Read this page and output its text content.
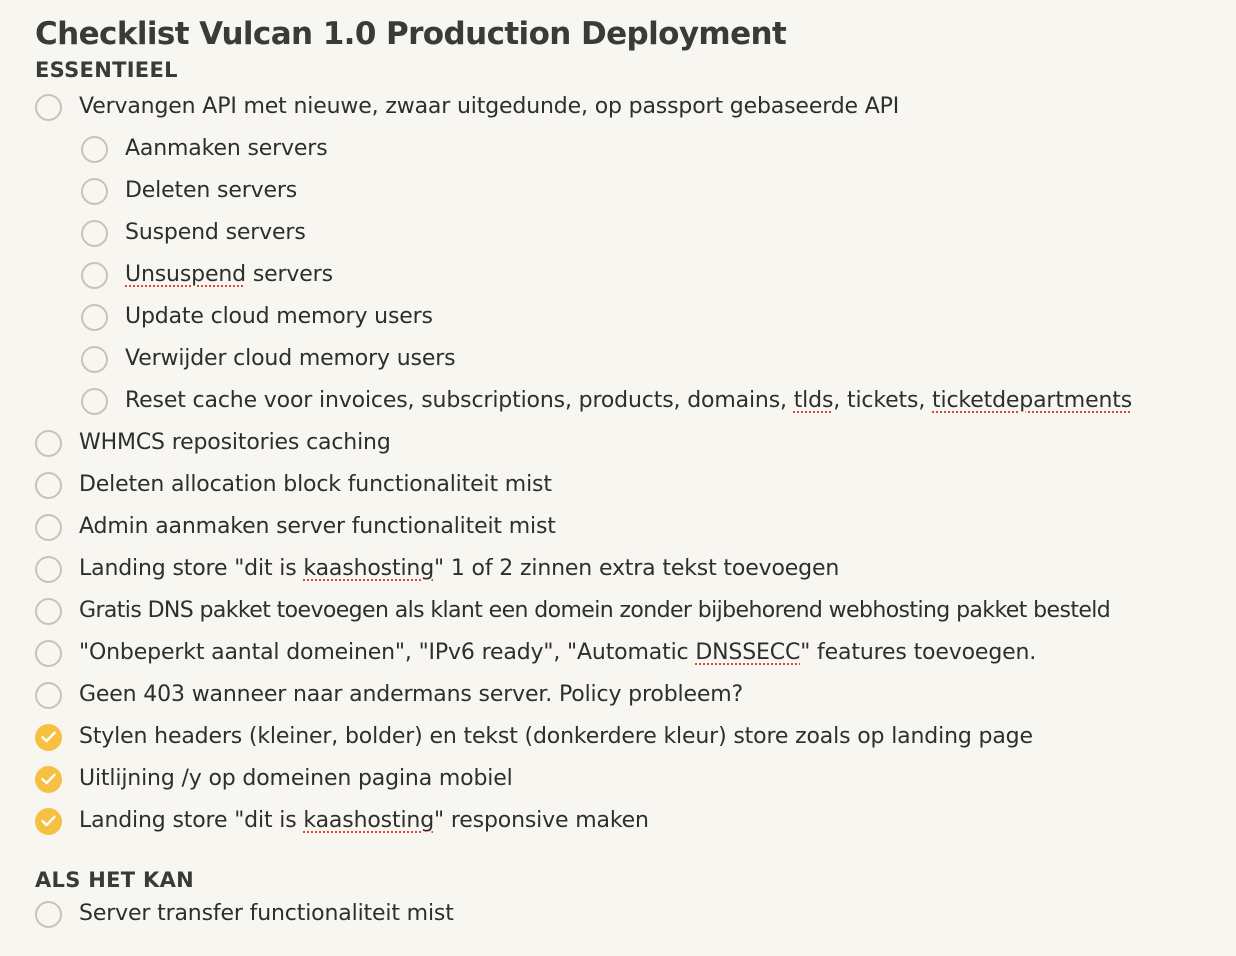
Checklist Vulcan 1.0 Production Deployment
ESSENTIEEL
Vervangen API met nieuwe, zwaar uitgedunde, op passport gebaseerde API
Aanmaken servers
Deleten servers
Suspend servers
Unsuspend servers
Update cloud memory users
Verwijder cloud memory users
Reset cache voor invoices, subscriptions, products, domains, tlds, tickets, ticketdepartments
WHMCS repositories caching
Deleten allocation block functionaliteit mist
Admin aanmaken server functionaliteit mist
Landing store "dit is kaashosting" 1 of 2 zinnen extra tekst toevoegen
Gratis DNS pakket toevoegen als klant een domein zonder bijbehorend webhosting pakket besteld
"Onbeperkt aantal domeinen", "IPv6 ready", "Automatic DNSSECC" features toevoegen.
Geen 403 wanneer naar andermans server. Policy probleem?
Stylen headers (kleiner, bolder) en tekst (donkerdere kleur) store zoals op landing page
Uitlijning /y op domeinen pagina mobiel
Landing store "dit is kaashosting" responsive maken
ALS HET KAN
Server transfer functionaliteit mist
